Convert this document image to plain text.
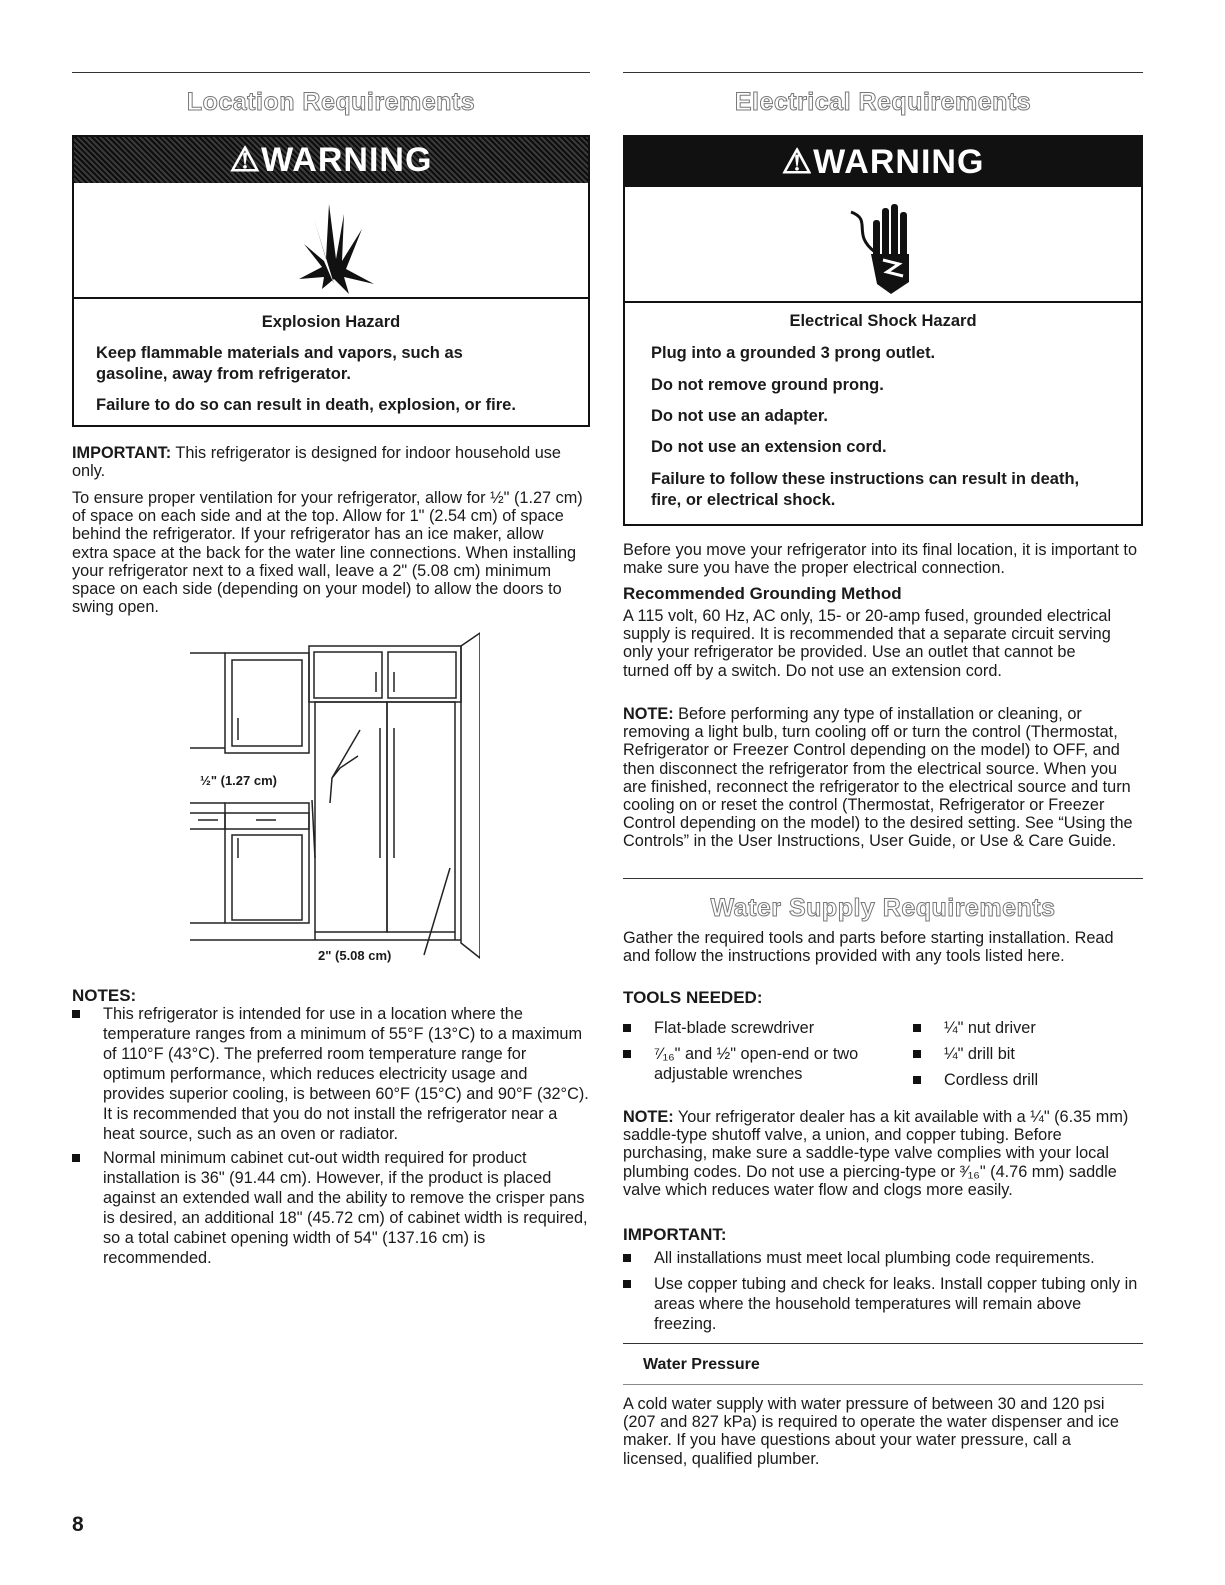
Location Requirements
⚠WARNING
Explosion Hazard
Keep flammable materials and vapors, such as
gasoline, away from refrigerator.
Failure to do so can result in death, explosion, or fire.

IMPORTANT: This refrigerator is designed for indoor household use only.

To ensure proper ventilation for your refrigerator, allow for ½" (1.27 cm) of space on each side and at the top. Allow for 1" (2.54 cm) of space behind the refrigerator. If your refrigerator has an ice maker, allow extra space at the back for the water line connections. When installing your refrigerator next to a fixed wall, leave a 2" (5.08 cm) minimum space on each side (depending on your model) to allow the doors to swing open.

½" (1.27 cm)
2" (5.08 cm)
NOTES:
This refrigerator is intended for use in a location where the temperature ranges from a minimum of 55°F (13°C) to a maximum of 110°F (43°C). The preferred room temperature range for optimum performance, which reduces electricity usage and provides superior cooling, is between 60°F (15°C) and 90°F (32°C). It is recommended that you do not install the refrigerator near a heat source, such as an oven or radiator.
Normal minimum cabinet cut-out width required for product installation is 36" (91.44 cm). However, if the product is placed against an extended wall and the ability to remove the crisper pans is desired, an additional 18" (45.72 cm) of cabinet width is required, so a total cabinet opening width of 54" (137.16 cm) is recommended.
Electrical Requirements
⚠WARNING
Electrical Shock Hazard
Plug into a grounded 3 prong outlet.
Do not remove ground prong.
Do not use an adapter.
Do not use an extension cord.
Failure to follow these instructions can result in death,
fire, or electrical shock.

Before you move your refrigerator into its final location, it is important to make sure you have the proper electrical connection.

Recommended Grounding Method

A 115 volt, 60 Hz, AC only, 15- or 20-amp fused, grounded electrical supply is required. It is recommended that a separate circuit serving only your refrigerator be provided. Use an outlet that cannot be turned off by a switch. Do not use an extension cord.

NOTE: Before performing any type of installation or cleaning, or removing a light bulb, turn cooling off or turn the control (Thermostat, Refrigerator or Freezer Control depending on the model) to OFF, and then disconnect the refrigerator from the electrical source. When you are finished, reconnect the refrigerator to the electrical source and turn cooling on or reset the control (Thermostat, Refrigerator or Freezer Control depending on the model) to the desired setting. See “Using the Controls” in the User Instructions, User Guide, or Use & Care Guide.

Water Supply Requirements

Gather the required tools and parts before starting installation. Read and follow the instructions provided with any tools listed here.

TOOLS NEEDED:
Flat-blade screwdriver
⁷⁄₁₆" and ½" open-end or two adjustable wrenches
¼" nut driver
¼" drill bit
Cordless drill

NOTE: Your refrigerator dealer has a kit available with a ¼" (6.35 mm) saddle-type shutoff valve, a union, and copper tubing. Before purchasing, make sure a saddle-type valve complies with your local plumbing codes. Do not use a piercing-type or ³⁄₁₆" (4.76 mm) saddle valve which reduces water flow and clogs more easily.

IMPORTANT:
All installations must meet local plumbing code requirements.
Use copper tubing and check for leaks. Install copper tubing only in areas where the household temperatures will remain above freezing.
Water Pressure

A cold water supply with water pressure of between 30 and 120 psi (207 and 827 kPa) is required to operate the water dispenser and ice maker. If you have questions about your water pressure, call a licensed, qualified plumber.

8
